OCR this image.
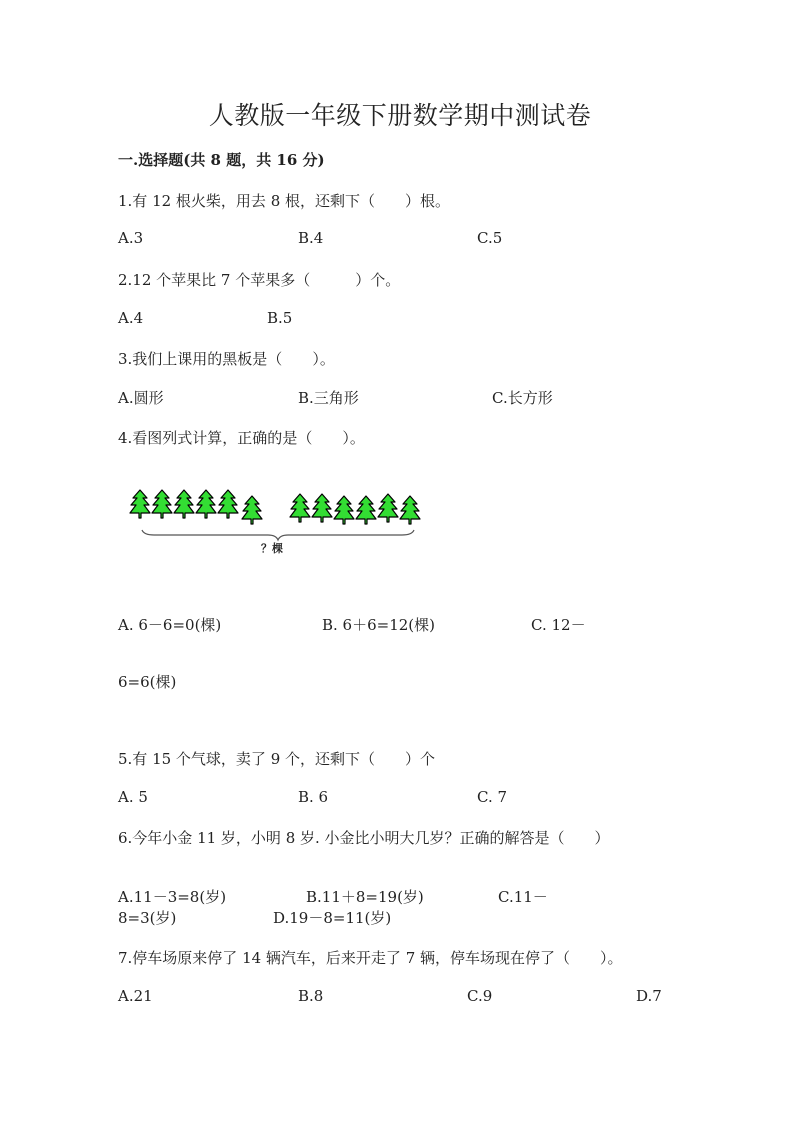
人教版一年级下册数学期中测试卷
一.选择题(共 8 题，共 16 分)
1.有 12 根火柴，用去 8 根，还剩下（　　）根。
A.3	B.4	C.5
2.12 个苹果比 7 个苹果多（　　　）个。
A.4	B.5
3.我们上课用的黑板是（　　）。
A.圆形	B.三角形	C.长方形
4.看图列式计算，正确的是（　　）。
？棵
A. 6－6=0(棵)	B. 6＋6=12(棵)	C. 12－
6=6(棵)
5.有 15 个气球，卖了 9 个，还剩下（　　）个
A. 5	B. 6	C. 7
6.今年小金 11 岁，小明 8 岁. 小金比小明大几岁？正确的解答是（　　）
A.11－3=8(岁)	B.11＋8=19(岁)	C.11－
8=3(岁)	D.19－8=11(岁)
7.停车场原来停了 14 辆汽车，后来开走了 7 辆，停车场现在停了（　　）。
A.21	B.8	C.9	D.7
